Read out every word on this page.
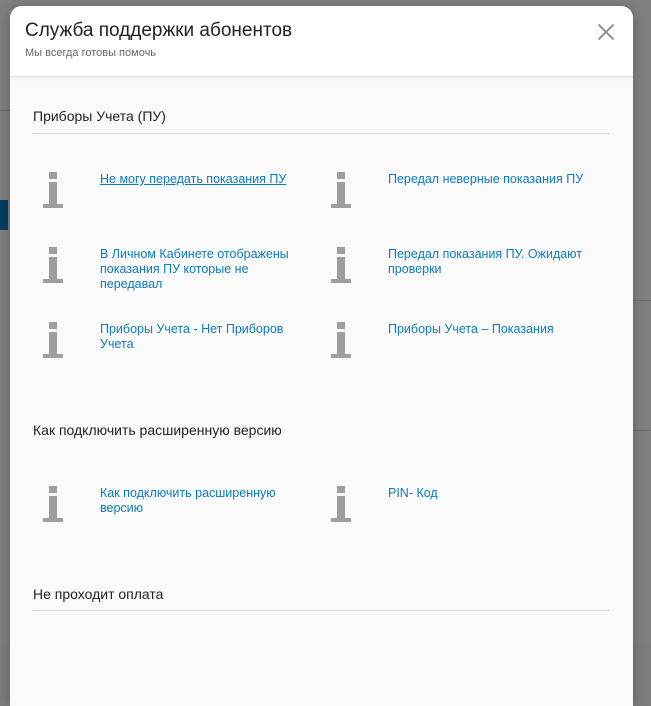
Служба поддержки абонентов
Мы всегда готовы помочь
Приборы Учета (ПУ)
Не могу передать показания ПУ	Передал неверные показания ПУ
В Личном Кабинете отображены показания ПУ которые не передавал
Передал показания ПУ. Ожидают проверки
Приборы Учета - Нет Приборов Учета
Приборы Учета – Показания
Как подключить расширенную версию
Как подключить расширенную версию
PIN- Код
Не проходит оплата
